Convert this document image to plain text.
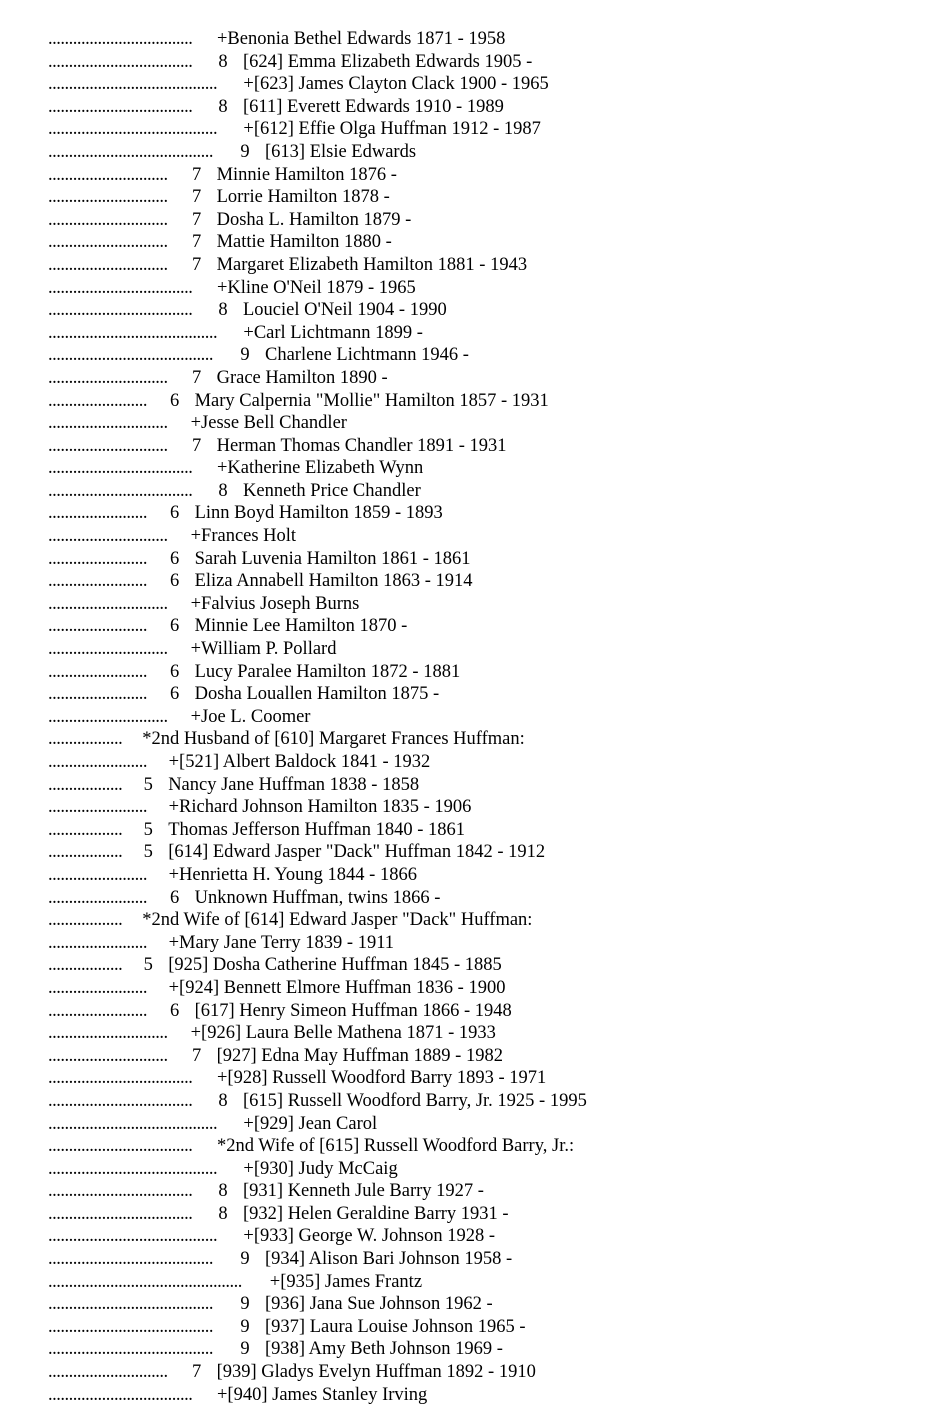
................................... +Benonia Bethel Edwards 1871 - 1958
................................... 8 [624] Emma Elizabeth Edwards 1905 -
......................................... +[623] James Clayton Clack 1900 - 1965
................................... 8 [611] Everett Edwards 1910 - 1989
......................................... +[612] Effie Olga Huffman 1912 - 1987
........................................ 9 [613] Elsie Edwards
............................. 7 Minnie Hamilton 1876 -
............................. 7 Lorrie Hamilton 1878 -
............................. 7 Dosha L. Hamilton 1879 -
............................. 7 Mattie Hamilton 1880 -
............................. 7 Margaret Elizabeth Hamilton 1881 - 1943
................................... +Kline O'Neil 1879 - 1965
................................... 8 Louciel O'Neil 1904 - 1990
......................................... +Carl Lichtmann 1899 -
........................................ 9 Charlene Lichtmann 1946 -
............................. 7 Grace Hamilton 1890 -
........................ 6 Mary Calpernia "Mollie" Hamilton 1857 - 1931
............................. +Jesse Bell Chandler
............................. 7 Herman Thomas Chandler 1891 - 1931
................................... +Katherine Elizabeth Wynn
................................... 8 Kenneth Price Chandler
........................ 6 Linn Boyd Hamilton 1859 - 1893
............................. +Frances Holt
........................ 6 Sarah Luvenia Hamilton 1861 - 1861
........................ 6 Eliza Annabell Hamilton 1863 - 1914
............................. +Falvius Joseph Burns
........................ 6 Minnie Lee Hamilton 1870 -
............................. +William P. Pollard
........................ 6 Lucy Paralee Hamilton 1872 - 1881
........................ 6 Dosha Louallen Hamilton 1875 -
............................. +Joe L. Coomer
.................. *2nd Husband of [610] Margaret Frances Huffman:
........................ +[521] Albert Baldock 1841 - 1932
.................. 5 Nancy Jane Huffman 1838 - 1858
........................ +Richard Johnson Hamilton 1835 - 1906
.................. 5 Thomas Jefferson Huffman 1840 - 1861
.................. 5 [614] Edward Jasper "Dack" Huffman 1842 - 1912
........................ +Henrietta H. Young 1844 - 1866
........................ 6 Unknown Huffman, twins 1866 -
.................. *2nd Wife of [614] Edward Jasper "Dack" Huffman:
........................ +Mary Jane Terry 1839 - 1911
.................. 5 [925] Dosha Catherine Huffman 1845 - 1885
........................ +[924] Bennett Elmore Huffman 1836 - 1900
........................ 6 [617] Henry Simeon Huffman 1866 - 1948
............................. +[926] Laura Belle Mathena 1871 - 1933
............................. 7 [927] Edna May Huffman 1889 - 1982
................................... +[928] Russell Woodford Barry 1893 - 1971
................................... 8 [615] Russell Woodford Barry, Jr. 1925 - 1995
......................................... +[929] Jean Carol
................................... *2nd Wife of [615] Russell Woodford Barry, Jr.:
......................................... +[930] Judy McCaig
................................... 8 [931] Kenneth Jule Barry 1927 -
................................... 8 [932] Helen Geraldine Barry 1931 -
......................................... +[933] George W. Johnson 1928 -
........................................ 9 [934] Alison Bari Johnson 1958 -
............................................... +[935] James Frantz
........................................ 9 [936] Jana Sue Johnson 1962 -
........................................ 9 [937] Laura Louise Johnson 1965 -
........................................ 9 [938] Amy Beth Johnson 1969 -
............................. 7 [939] Gladys Evelyn Huffman 1892 - 1910
................................... +[940] James Stanley Irving
